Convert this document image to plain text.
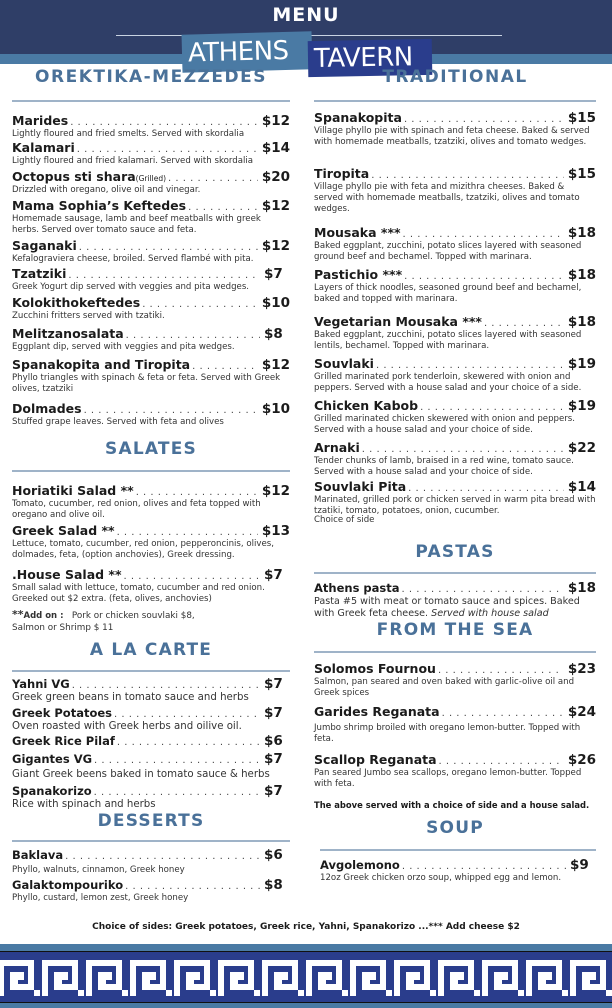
MENU
ATHENS TAVERN
OREKTIKA-MEZZEDES
Marides . . .	$12
Lightly floured and fried smelts. Served with skordalia
Kalamari . . .	$14
Lightly floured and fried kalamari. Served with skordalia
Octopus sti shara (Grilled) . . .	$20
Drizzled with oregano, olive oil and vinegar.
Mama Sophia’s Keftedes . . .	$12
Homemade sausage, lamb and beef meatballs with greek herbs. Served over tomato sauce and feta.
Saganaki . . .	$12
Kefalograviera cheese, broiled. Served flambé with pita.
Tzatziki . . .	$7
Greek Yogurt dip served with veggies and pita wedges.
Kolokithokeftedes . . .	$10
Zucchini fritters served with tzatiki.
Melitzanosalata . . .	$8
Eggplant dip, served with veggies and pita wedges.
Spanakopita and Tiropita . . .	$12
Phyllo triangles with spinach & feta or feta. Served with Greek olives, tzatziki
Dolmades . . .	$10
Stuffed grape leaves. Served with feta and olives
SALATES
Horiatiki Salad ** . . .	$12
Tomato, cucumber, red onion, olives and feta topped with oregano and olive oil.
Greek Salad ** . . .	$13
Lettuce, tomato, cucumber, red onion, pepperoncinis, olives, dolmades, feta, (option anchovies), Greek dressing.
.House Salad ** . . .	$7
Small salad with lettuce, tomato, cucumber and red onion. Greeked out $2 extra. (feta, olives, anchovies)
**Add on : Pork or chicken souvlaki $8,
Salmon or Shrimp $ 11
A LA CARTE
Yahni VG . . .	$7
Greek green beans in tomato sauce and herbs
Greek Potatoes . . .	$7
Oven roasted with Greek herbs and oilive oil.
Greek Rice Pilaf . . .	$6
Gigantes VG . . .	$7
Giant Greek beens baked in tomato sauce & herbs
Spanakorizo . . .	$7
Rice with spinach and herbs
DESSERTS
Baklava . . .	$6
Phyllo, walnuts, cinnamon, Greek honey
Galaktompouriko . . .	$8
Phyllo, custard, lemon zest, Greek honey
TRADITIONAL
Spanakopita . . .	$15
Village phyllo pie with spinach and feta cheese. Baked & served with homemade meatballs, tzatziki, olives and tomato wedges.
Tiropita . . .	$15
Village phyllo pie with feta and mizithra cheeses. Baked & served with homemade meatballs, tzatziki, olives and tomato wedges.
Mousaka *** . . .	$18
Baked eggplant, zucchini, potato slices layered with seasoned ground beef and bechamel. Topped with marinara.
Pastichio *** . . .	$18
Layers of thick noodles, seasoned ground beef and bechamel, baked and topped with marinara.
Vegetarian Mousaka *** . . .	$18
Baked eggplant, zucchini, potato slices layered with seasoned lentils, bechamel. Topped with marinara.
Souvlaki . . .	$19
Grilled marinated pork tenderloin, skewered with onion and peppers. Served with a house salad and your choice of a side.
Chicken Kabob . . .	$19
Grilled marinated chicken skewered with onion and peppers. Served with a house salad and your choice of side.
Arnaki . . .	$22
Tender chunks of lamb, braised in a red wine, tomato sauce. Served with a house salad and your choice of side.
Souvlaki Pita . . .	$14
Marinated, grilled pork or chicken served in warm pita bread with tzatiki, tomato, potatoes, onion, cucumber.
Choice of side
PASTAS
Athens pasta . . .	$18
Pasta #5 with meat or tomato sauce and spices. Baked with Greek feta cheese. Served with house salad
FROM THE SEA
Solomos Fournou . . .	$23
Salmon, pan seared and oven baked with garlic-olive oil and Greek spices
Garides Reganata . . .	$24
Jumbo shrimp broiled with oregano lemon-butter. Topped with feta.
Scallop Reganata . . .	$26
Pan seared Jumbo sea scallops, oregano lemon-butter. Topped with feta.
The above served with a choice of side and a house salad.
SOUP
Avgolemono . . .	$9
12oz Greek chicken orzo soup, whipped egg and lemon.
Choice of sides: Greek potatoes, Greek rice, Yahni, Spanakorizo ...*** Add cheese $2
